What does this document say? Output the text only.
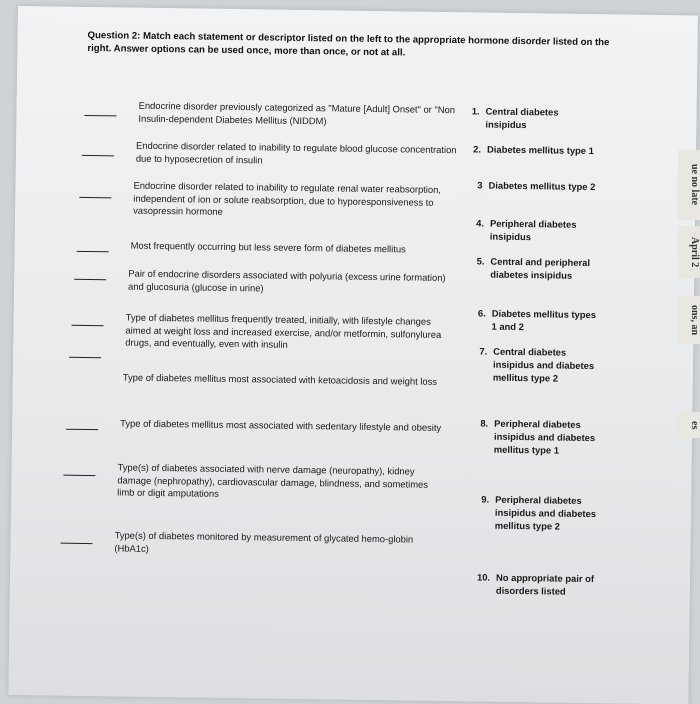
Question 2: Match each statement or descriptor listed on the left to the appropriate hormone disorder listed on the right. Answer options can be used once, more than once, or not at all.
Endocrine disorder previously categorized as "Mature [Adult] Onset" or "Non Insulin-dependent Diabetes Mellitus (NIDDM)
Endocrine disorder related to inability to regulate blood glucose concentration due to hyposecretion of insulin
Endocrine disorder related to inability to regulate renal water reabsorption, independent of ion or solute reabsorption, due to hyporesponsiveness to vasopressin hormone
Most frequently occurring but less severe form of diabetes mellitus
Pair of endocrine disorders associated with polyuria (excess urine formation) and glucosuria (glucose in urine)
Type of diabetes mellitus frequently treated, initially, with lifestyle changes aimed at weight loss and increased exercise, and/or metformin, sulfonylurea drugs, and eventually, even with insulin
Type of diabetes mellitus most associated with ketoacidosis and weight loss
Type of diabetes mellitus most associated with sedentary lifestyle and obesity
Type(s) of diabetes associated with nerve damage (neuropathy), kidney damage (nephropathy), cardiovascular damage, blindness, and sometimes limb or digit amputations
Type(s) of diabetes monitored by measurement of glycated hemo-globin (HbA1c)
1. Central diabetes insipidus
2. Diabetes mellitus type 1
3 Diabetes mellitus type 2
4. Peripheral diabetes insipidus
5. Central and peripheral diabetes insipidus
6. Diabetes mellitus types 1 and 2
7. Central diabetes insipidus and diabetes mellitus type 2
8. Peripheral diabetes insipidus and diabetes mellitus type 1
9. Peripheral diabetes insipidus and diabetes mellitus type 2
10. No appropriate pair of disorders listed
ue no late
April 2
ons, an
es
